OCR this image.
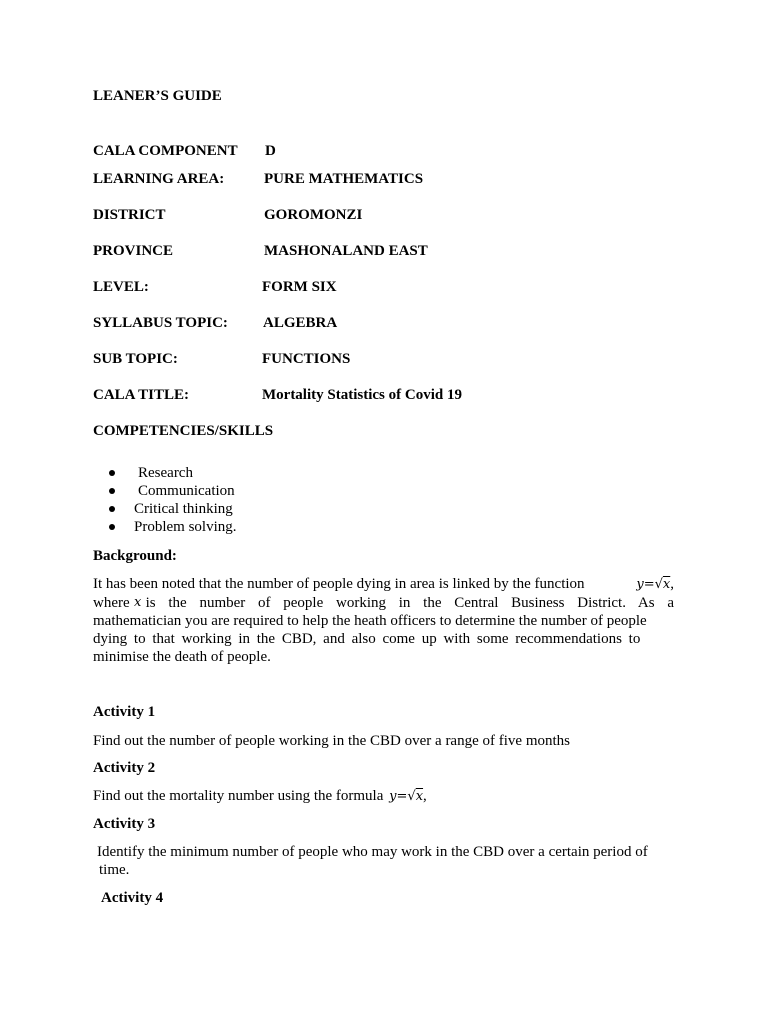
LEANER’S GUIDE
CALA COMPONENT D
LEARNING AREA:	PURE MATHEMATICS
DISTRICT	GOROMONZI
PROVINCE	MASHONALAND EAST
LEVEL:	FORM SIX
SYLLABUS TOPIC: ALGEBRA
SUB TOPIC:	FUNCTIONS
CALA TITLE:	Mortality Statistics of Covid 19
COMPETENCIES/SKILLS
Research
Communication
Critical thinking
Problem solving.
Background:
It has been noted that the number of people dying in area is linked by the function	y=√x,
where x is the number of people working in the Central Business District. As a
mathematician you are required to help the heath officers to determine the number of people
dying to that working in the CBD, and also come up with some recommendations to
minimise the death of people.
Activity 1
Find out the number of people working in the CBD over a range of five months
Activity 2
Find out the mortality number using the formula y=√x,
Activity 3
Identify the minimum number of people who may work in the CBD over a certain period of
time.
Activity 4
